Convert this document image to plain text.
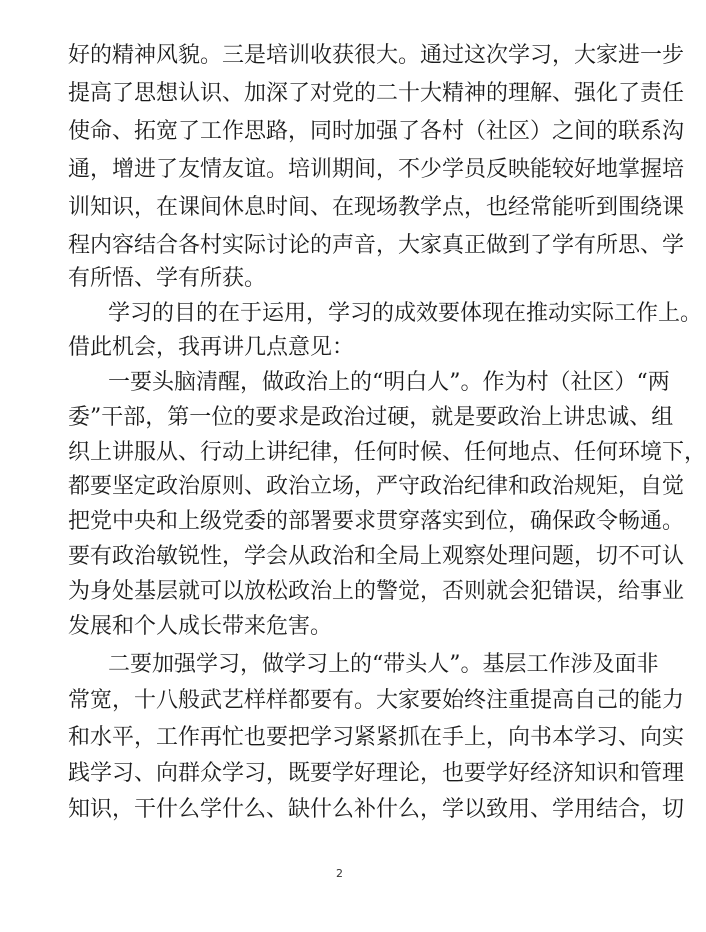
好的精神风貌。三是培训收获很大。通过这次学习，大家进一步
提高了思想认识、加深了对党的二十大精神的理解、强化了责任
使命、拓宽了工作思路，同时加强了各村（社区）之间的联系沟
通，增进了友情友谊。培训期间，不少学员反映能较好地掌握培
训知识，在课间休息时间、在现场教学点，也经常能听到围绕课
程内容结合各村实际讨论的声音，大家真正做到了学有所思、学
有所悟、学有所获。
学习的目的在于运用，学习的成效要体现在推动实际工作上。
借此机会，我再讲几点意见：
一要头脑清醒，做政治上的“明白人”。作为村（社区）“两
委”干部，第一位的要求是政治过硬，就是要政治上讲忠诚、组
织上讲服从、行动上讲纪律，任何时候、任何地点、任何环境下，
都要坚定政治原则、政治立场，严守政治纪律和政治规矩，自觉
把党中央和上级党委的部署要求贯穿落实到位，确保政令畅通。
要有政治敏锐性，学会从政治和全局上观察处理问题，切不可认
为身处基层就可以放松政治上的警觉，否则就会犯错误，给事业
发展和个人成长带来危害。
二要加强学习，做学习上的“带头人”。基层工作涉及面非
常宽，十八般武艺样样都要有。大家要始终注重提高自己的能力
和水平，工作再忙也要把学习紧紧抓在手上，向书本学习、向实
践学习、向群众学习，既要学好理论，也要学好经济知识和管理
知识，干什么学什么、缺什么补什么，学以致用、学用结合，切
2
